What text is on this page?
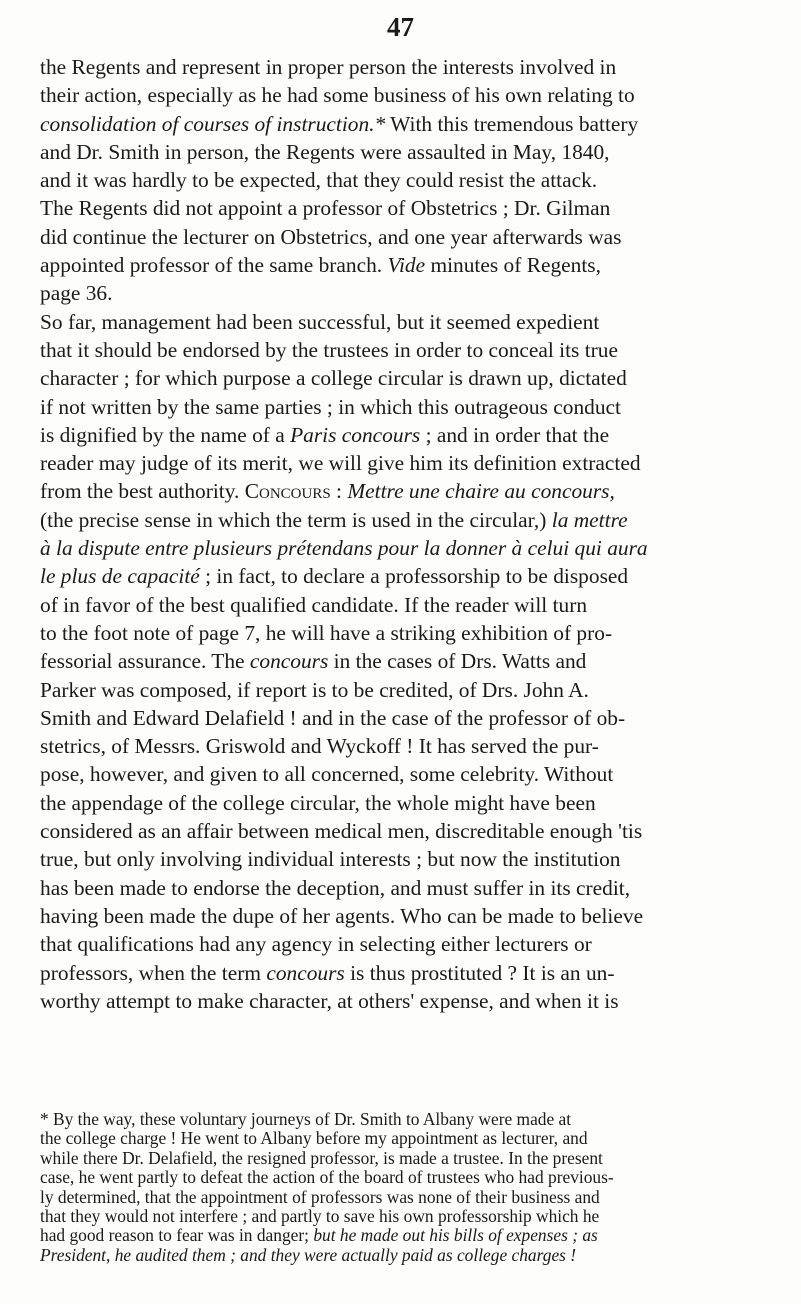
47
the Regents and represent in proper person the interests involved in
their action, especially as he had some business of his own relating to
consolidation of courses of instruction.* With this tremendous battery
and Dr. Smith in person, the Regents were assaulted in May, 1840,
and it was hardly to be expected, that they could resist the attack.
The Regents did not appoint a professor of Obstetrics ; Dr. Gilman
did continue the lecturer on Obstetrics, and one year afterwards was
appointed professor of the same branch. Vide minutes of Regents,
page 36.
So far, management had been successful, but it seemed expedient
that it should be endorsed by the trustees in order to conceal its true
character ; for which purpose a college circular is drawn up, dictated
if not written by the same parties ; in which this outrageous conduct
is dignified by the name of a Paris concours ; and in order that the
reader may judge of its merit, we will give him its definition extracted
from the best authority. Concours : Mettre une chaire au concours,
(the precise sense in which the term is used in the circular,) la mettre
à la dispute entre plusieurs prétendans pour la donner à celui qui aura
le plus de capacité ; in fact, to declare a professorship to be disposed
of in favor of the best qualified candidate. If the reader will turn
to the foot note of page 7, he will have a striking exhibition of pro-
fessorial assurance. The concours in the cases of Drs. Watts and
Parker was composed, if report is to be credited, of Drs. John A.
Smith and Edward Delafield ! and in the case of the professor of ob-
stetrics, of Messrs. Griswold and Wyckoff ! It has served the pur-
pose, however, and given to all concerned, some celebrity. Without
the appendage of the college circular, the whole might have been
considered as an affair between medical men, discreditable enough 'tis
true, but only involving individual interests ; but now the institution
has been made to endorse the deception, and must suffer in its credit,
having been made the dupe of her agents. Who can be made to believe
that qualifications had any agency in selecting either lecturers or
professors, when the term concours is thus prostituted ? It is an un-
worthy attempt to make character, at others' expense, and when it is
* By the way, these voluntary journeys of Dr. Smith to Albany were made at
the college charge ! He went to Albany before my appointment as lecturer, and
while there Dr. Delafield, the resigned professor, is made a trustee. In the present
case, he went partly to defeat the action of the board of trustees who had previous-
ly determined, that the appointment of professors was none of their business and
that they would not interfere ; and partly to save his own professorship which he
had good reason to fear was in danger; but he made out his bills of expenses ; as
President, he audited them ; and they were actually paid as college charges !
